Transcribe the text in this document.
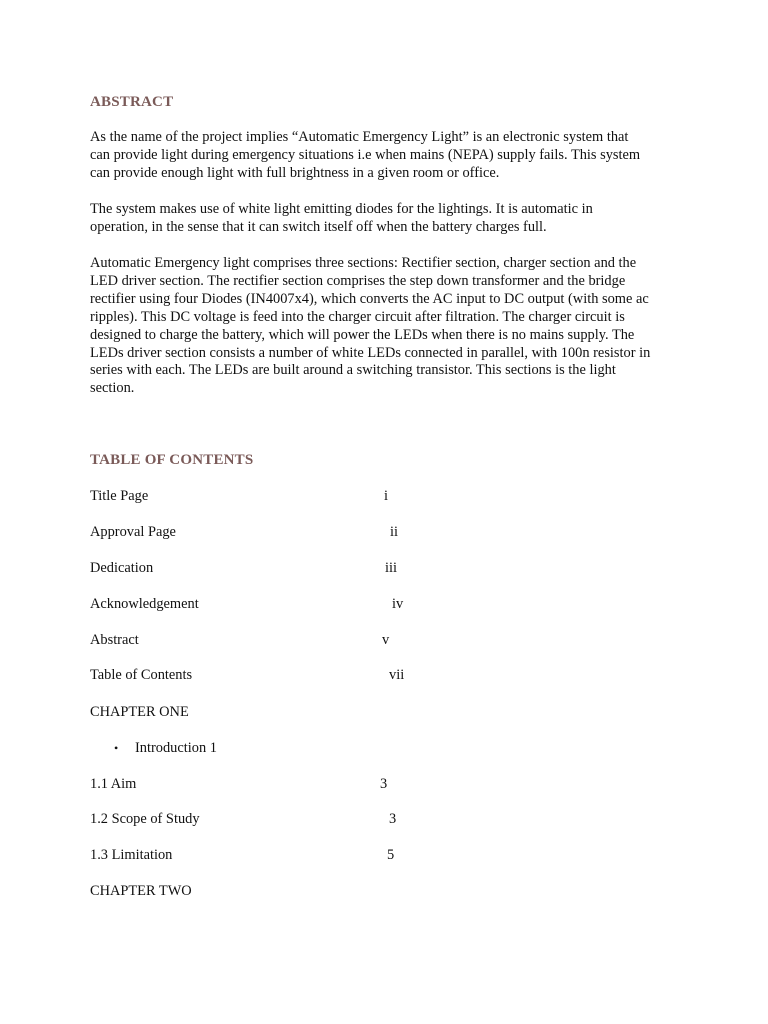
ABSTRACT
As the name of the project implies “Automatic Emergency Light” is an electronic system that
can provide light during emergency situations i.e when mains (NEPA) supply fails. This system
can provide enough light with full brightness in a given room or office.
The system makes use of white light emitting diodes for the lightings. It is automatic in
operation, in the sense that it can switch itself off when the battery charges full.
Automatic Emergency light comprises three sections: Rectifier section, charger section and the
LED driver section. The rectifier section comprises the step down transformer and the bridge
rectifier using four Diodes (IN4007x4), which converts the AC input to DC output (with some ac
ripples). This DC voltage is feed into the charger circuit after filtration. The charger circuit is
designed to charge the battery, which will power the LEDs when there is no mains supply. The
LEDs driver section consists a number of white LEDs connected in parallel, with 100n resistor in
series with each. The LEDs are built around a switching transistor. This sections is the light
section.
TABLE OF CONTENTS
Title Page	i
Approval Page	ii
Dedication	iii
Acknowledgement	iv
Abstract	v
Table of Contents	vii
CHAPTER ONE
• Introduction 1
1.1 Aim	3
1.2 Scope of Study	3
1.3 Limitation	5
CHAPTER TWO
